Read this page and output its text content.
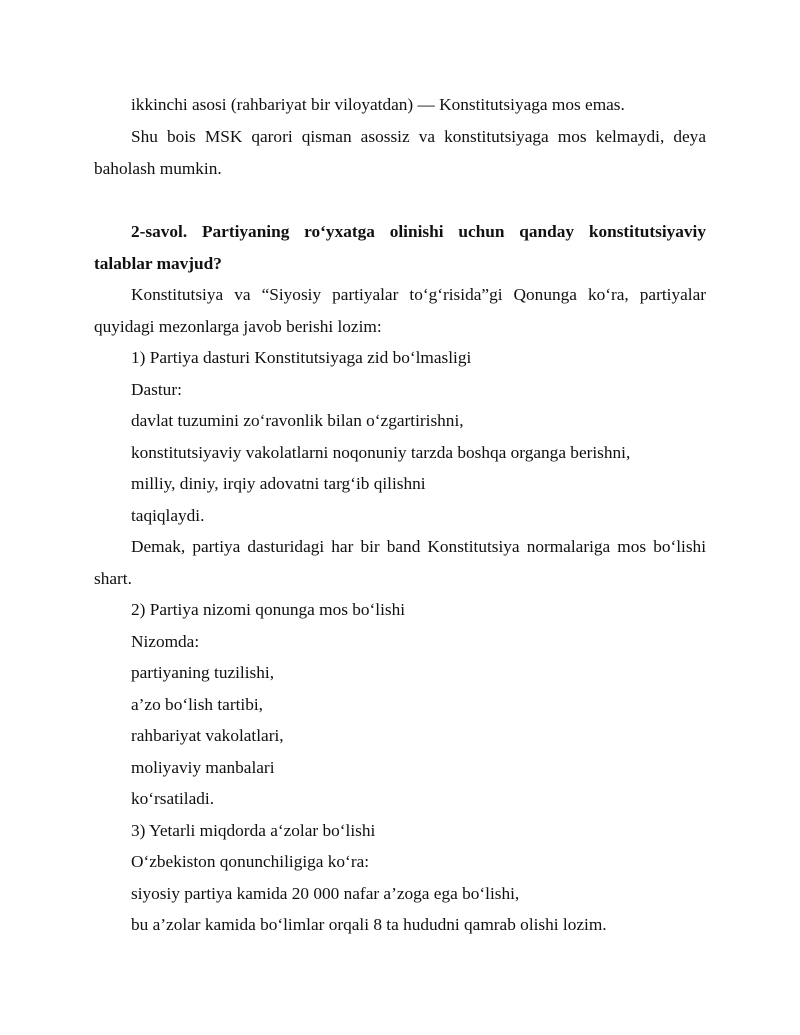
ikkinchi asosi (rahbariyat bir viloyatdan) — Konstitutsiyaga mos emas.
Shu bois MSK qarori qisman asossiz va konstitutsiyaga mos kelmaydi, deya
baholash mumkin.
2-savol. Partiyaning ro‘yxatga olinishi uchun qanday konstitutsiyaviy
talablar mavjud?
Konstitutsiya va “Siyosiy partiyalar to‘g‘risida”gi Qonunga ko‘ra, partiyalar
quyidagi mezonlarga javob berishi lozim:
1) Partiya dasturi Konstitutsiyaga zid bo‘lmasligi
Dastur:
davlat tuzumini zo‘ravonlik bilan o‘zgartirishni,
konstitutsiyaviy vakolatlarni noqonuniy tarzda boshqa organga berishni,
milliy, diniy, irqiy adovatni targ‘ib qilishni
taqiqlaydi.
Demak, partiya dasturidagi har bir band Konstitutsiya normalariga mos bo‘lishi
shart.
2) Partiya nizomi qonunga mos bo‘lishi
Nizomda:
partiyaning tuzilishi,
a’zo bo‘lish tartibi,
rahbariyat vakolatlari,
moliyaviy manbalari
ko‘rsatiladi.
3) Yetarli miqdorda a‘zolar bo‘lishi
O‘zbekiston qonunchiligiga ko‘ra:
siyosiy partiya kamida 20 000 nafar a’zoga ega bo‘lishi,
bu a’zolar kamida bo‘limlar orqali 8 ta hududni qamrab olishi lozim.
